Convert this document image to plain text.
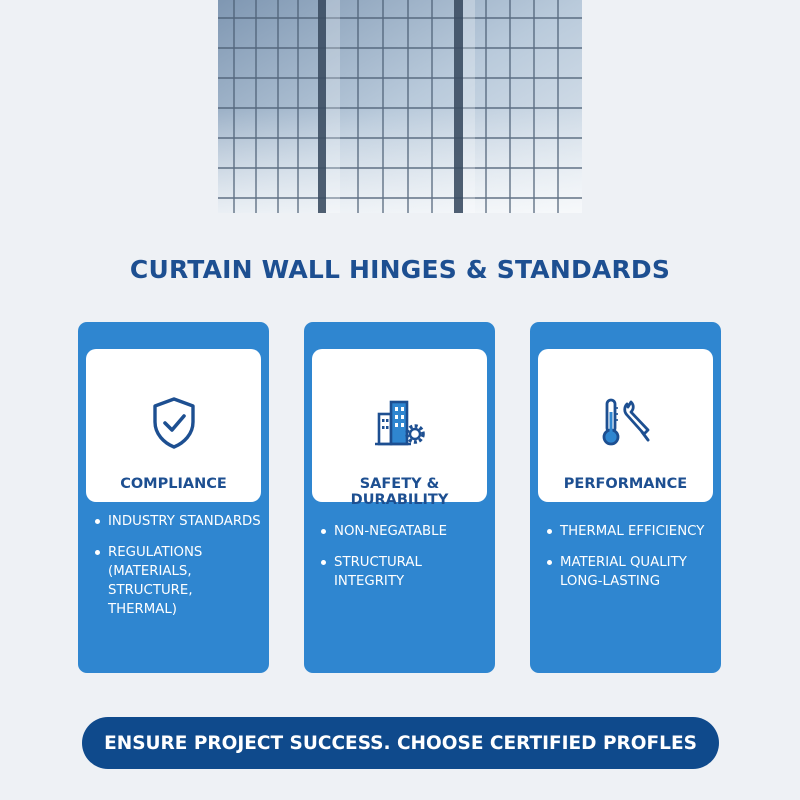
CURTAIN WALL HINGES & STANDARDS
COMPLIANCE
INDUSTRY STANDARDS
REGULATIONS (MATERIALS, STRUCTURE, THERMAL)
SAFETY & DURABILITY
NON-NEGATABLE
STRUCTURAL INTEGRITY
PERFORMANCE
THERMAL EFFICIENCY
MATERIAL QUALITY LONG-LASTING
ENSURE PROJECT SUCCESS. CHOOSE CERTIFIED PROFLES
